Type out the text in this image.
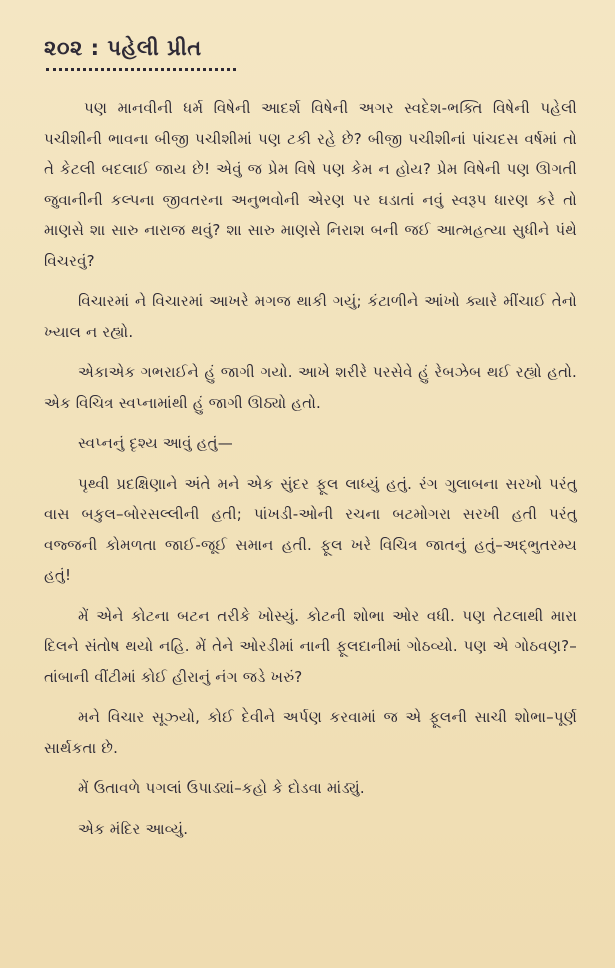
૨૦૨ : પહેલી પ્રીત

પણ માનવીની ધર્મ વિષેની આદર્શ વિષેની અગર સ્વદેશ-ભક્તિ વિષેની પહેલી પચીશીની ભાવના બીજી પચીશીમાં પણ ટકી રહે છે? બીજી પચીશીનાં પાંચદસ વર્ષમાં તો તે કેટલી બદલાઈ જાય છે! એવું જ પ્રેમ વિષે પણ કેમ ન હોય? પ્રેમ વિષેની પણ ઊગતી જુવાનીની કલ્પના જીવતરના અનુભવોની એરણ પર ઘડાતાં નવું સ્વરૂપ ધારણ કરે તો માણસે શા સારુ નારાજ થવું? શા સારુ માણસે નિરાશ બની જઈ આત્મહત્યા સુધીને પંથે વિચરવું?

વિચારમાં ને વિચારમાં આખરે મગજ થાકી ગયું; કંટાળીને આંખો ક્યારે મીંચાઈ તેનો ખ્યાલ ન રહ્યો.

એકાએક ગભરાઈને હું જાગી ગયો. આખે શરીરે પરસેવે હું રેબઝેબ થઈ રહ્યો હતો. એક વિચિત્ર સ્વપ્નામાંથી હું જાગી ઊઠ્યો હતો.

સ્વપ્નનું દૃશ્ય આવું હતું—

પૃથ્વી પ્રદક્ષિણાને અંતે મને એક સુંદર ફૂલ લાધ્યું હતું. રંગ ગુલાબના સરખો પરંતુ વાસ બકુલ–બોરસલ્લીની હતી; પાંખડી-ઓની રચના બટમોગરા સરખી હતી પરંતુ વજ્જની કોમળતા જાઈ-જૂઈ સમાન હતી. ફૂલ ખરે વિચિત્ર જાતનું હતું–અદ્ભુતરમ્ય હતું!

મેં એને કોટના બટન તરીકે ખોસ્યું. કોટની શોભા ઓર વધી. પણ તેટલાથી મારા દિલને સંતોષ થયો નહિ. મેં તેને ઓરડીમાં નાની ફૂલદાનીમાં ગોઠવ્યો. પણ એ ગોઠવણ?–તાંબાની વીંટીમાં કોઈ હીરાનું નંગ જડે ખરું?

મને વિચાર સૂઝ્યો, કોઈ દેવીને અર્પણ કરવામાં જ એ ફૂલની સાચી શોભા–પૂર્ણ સાર્થકતા છે.

મેં ઉતાવળે પગલાં ઉપાડ્યાં–કહો કે દોડવા માંડ્યું.

એક મંદિર આવ્યું.
